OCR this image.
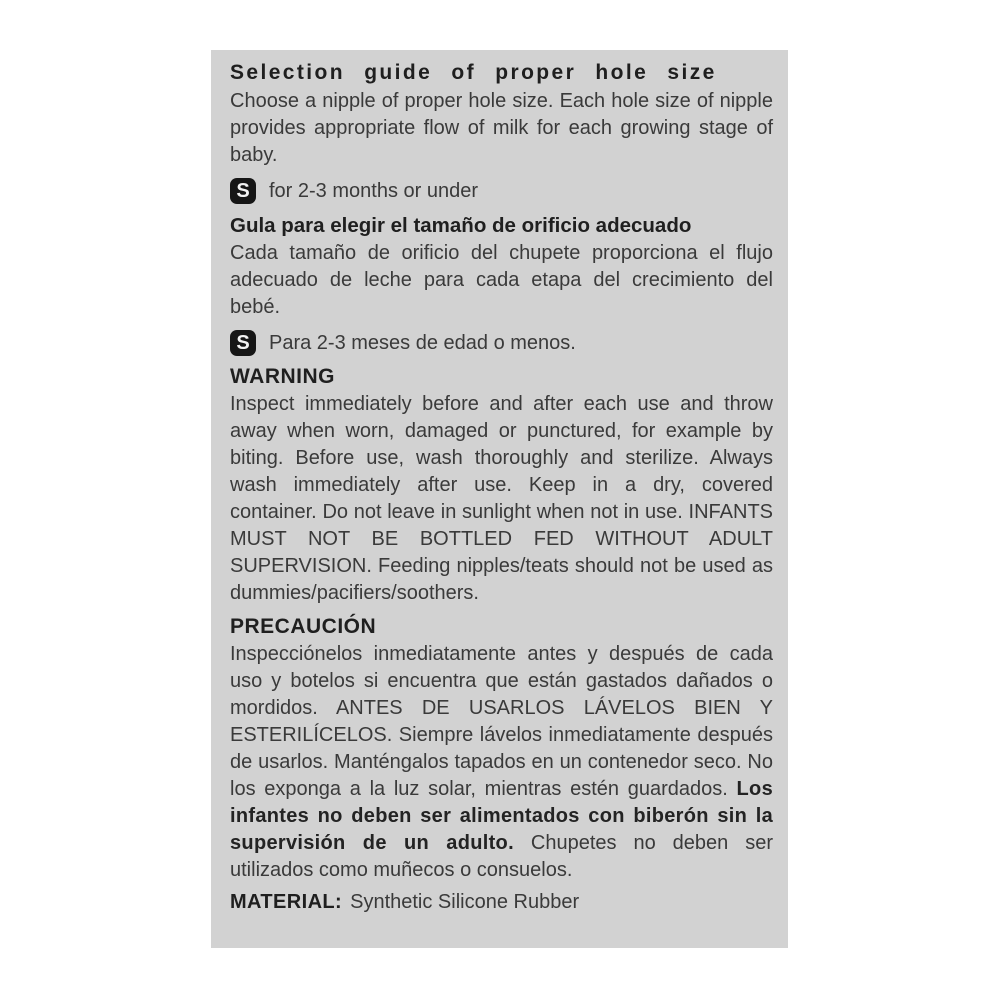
Selection guide of proper hole size

Choose a nipple of proper hole size. Each hole size of nipple provides appropriate flow of milk for each growing stage of baby.

S for 2-3 months or under
Gula para elegir el tamaño de orificio adecuado

Cada tamaño de orificio del chupete proporciona el flujo adecuado de leche para cada etapa del crecimiento del bebé.

S Para 2-3 meses de edad o menos.
WARNING

Inspect immediately before and after each use and throw away when worn, damaged or punctured, for example by biting. Before use, wash thoroughly and sterilize. Always wash immediately after use. Keep in a dry, covered container. Do not leave in sunlight when not in use. INFANTS MUST NOT BE BOTTLED FED WITHOUT ADULT SUPERVISION. Feeding nipples/teats should not be used as dummies/pacifiers/soothers.

PRECAUCIÓN

Inspecciónelos inmediatamente antes y después de cada uso y botelos si encuentra que están gastados dañados o mordidos. ANTES DE USARLOS LÁVELOS BIEN Y ESTERILÍCELOS. Siempre lávelos inmediatamente después de usarlos. Manténgalos tapados en un contenedor seco. No los exponga a la luz solar, mientras estén guardados. Los infantes no deben ser alimentados con biberón sin la supervisión de un adulto. Chupetes no deben ser utilizados como muñecos o consuelos.

MATERIAL: Synthetic Silicone Rubber
